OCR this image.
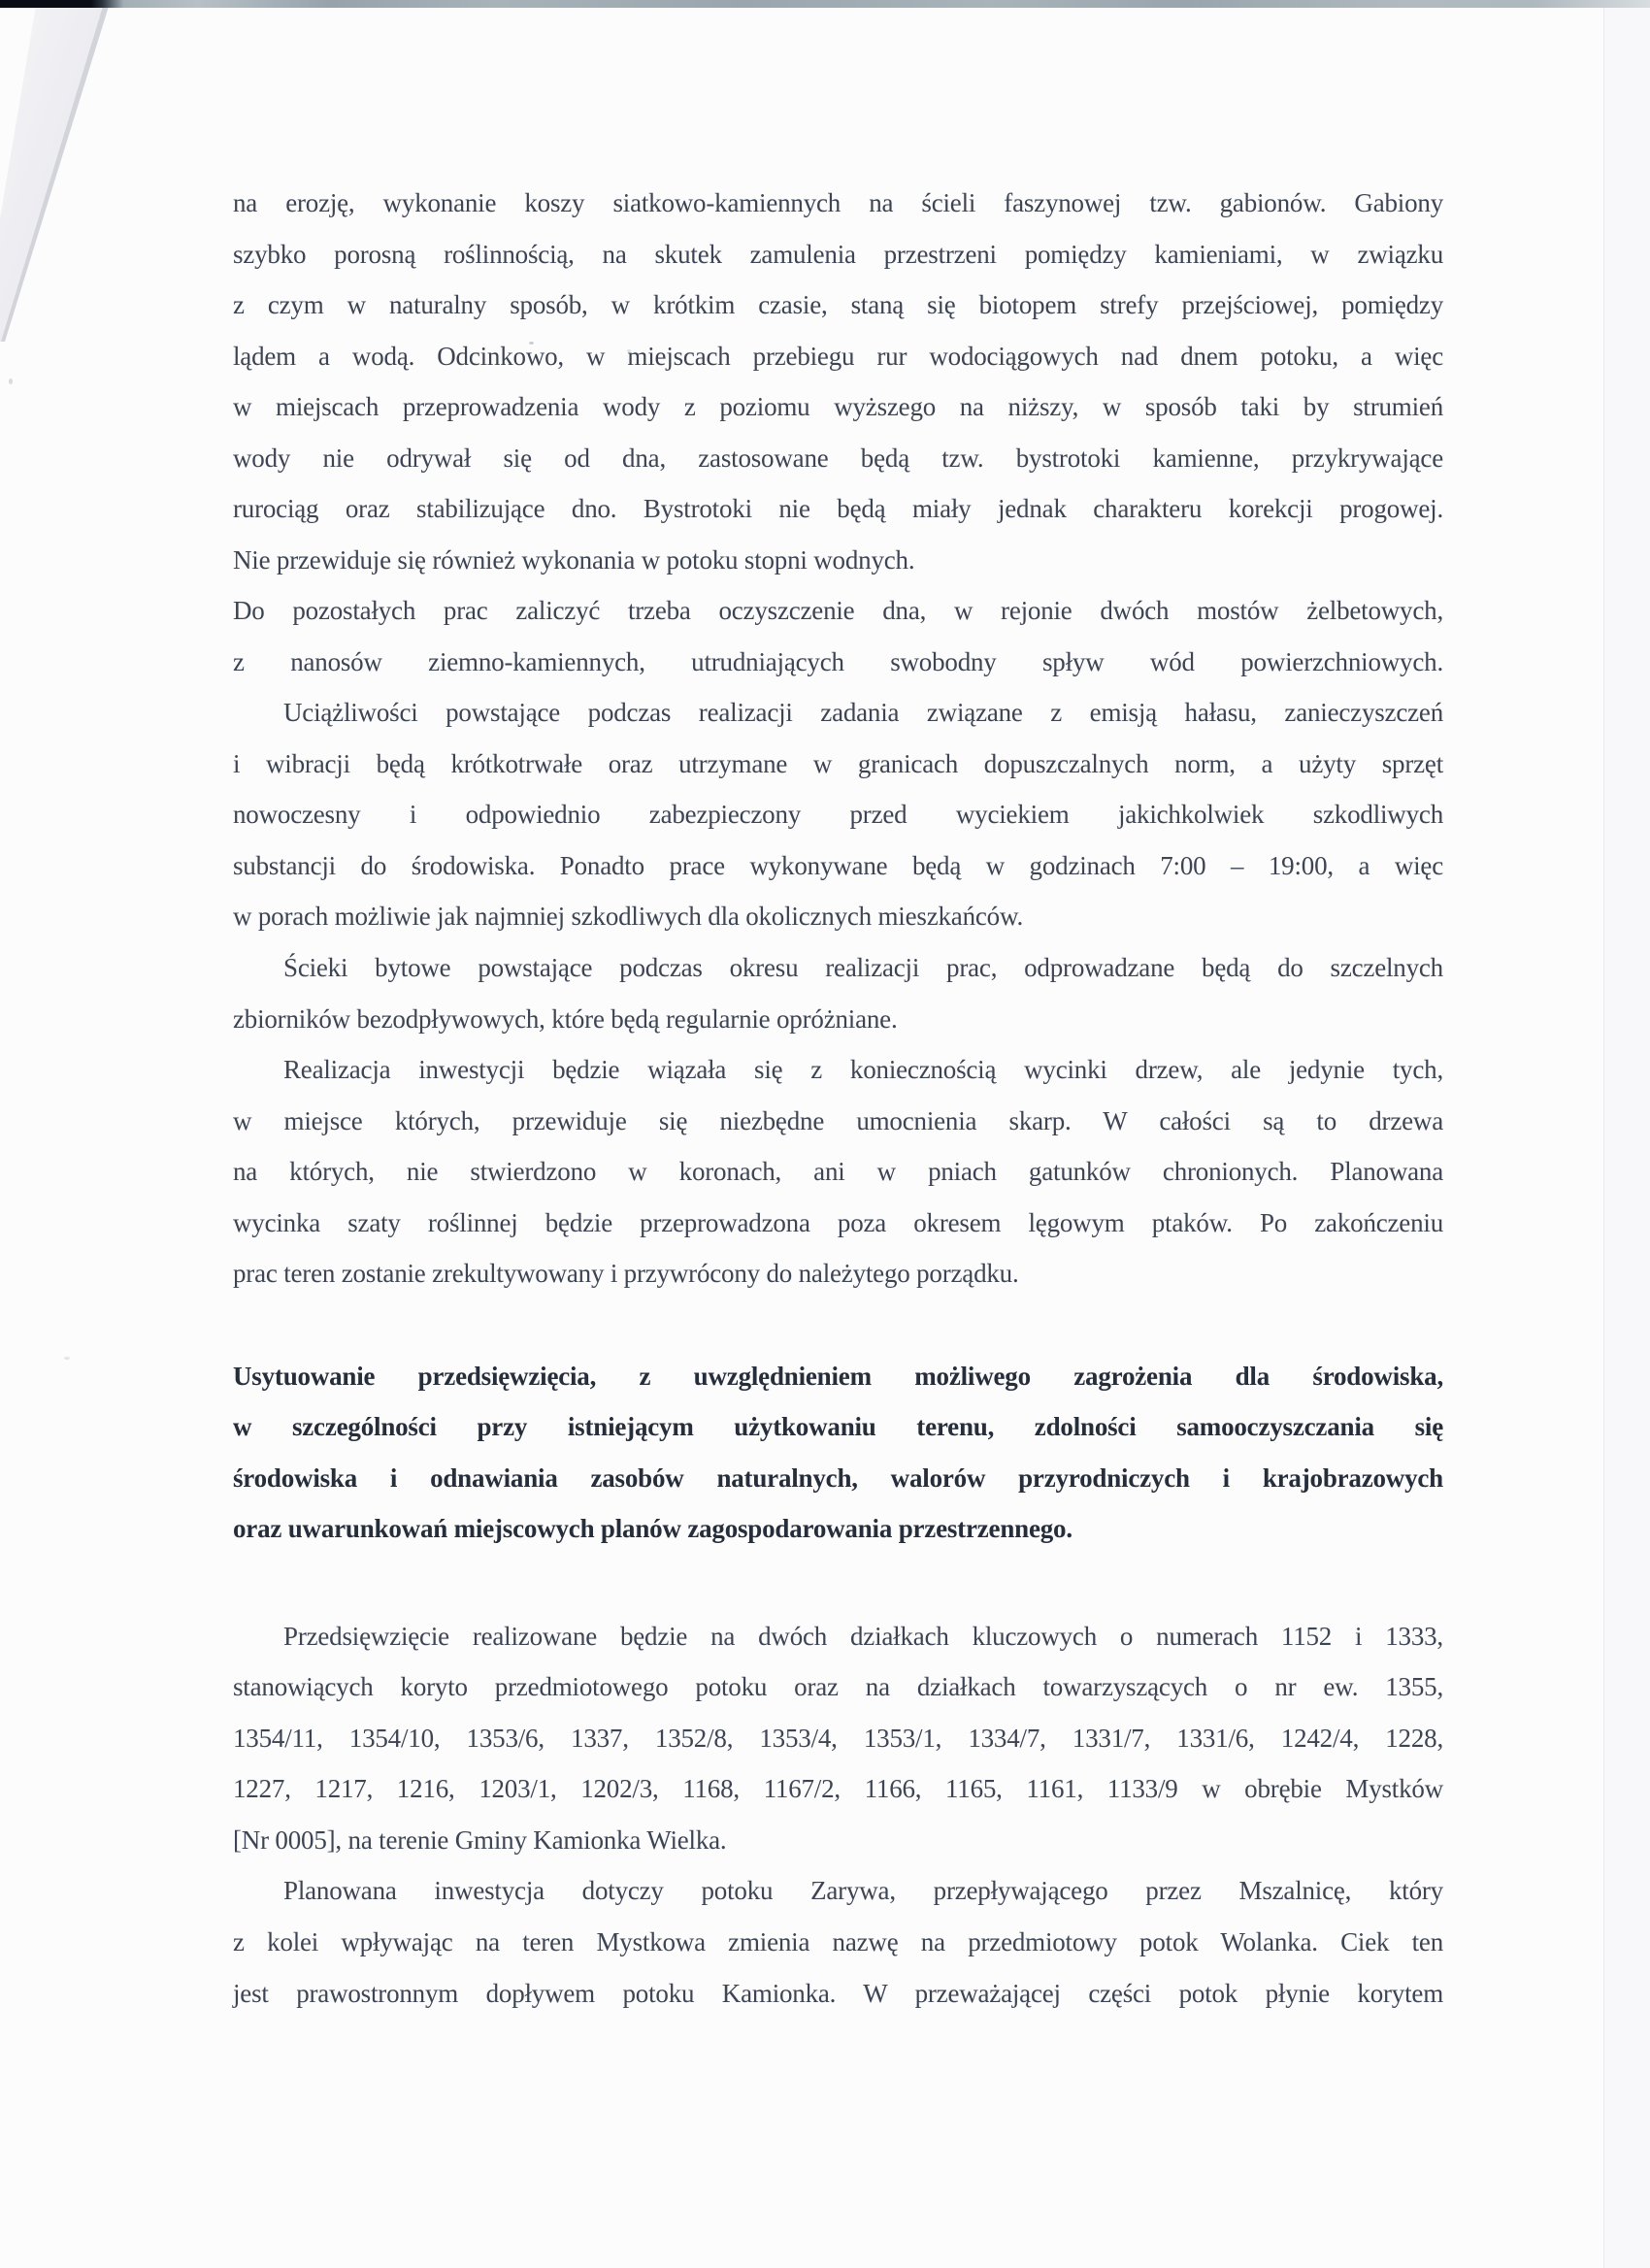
na erozję, wykonanie koszy siatkowo-kamiennych na ścieli faszynowej tzw. gabionów. Gabiony
szybko porosną roślinnością, na skutek zamulenia przestrzeni pomiędzy kamieniami, w związku
z czym w naturalny sposób, w krótkim czasie, staną się biotopem strefy przejściowej, pomiędzy
lądem a wodą. Odcinkowo, w miejscach przebiegu rur wodociągowych nad dnem potoku, a więc
w miejscach przeprowadzenia wody z poziomu wyższego na niższy, w sposób taki by strumień
wody nie odrywał się od dna, zastosowane będą tzw. bystrotoki kamienne, przykrywające
rurociąg oraz stabilizujące dno. Bystrotoki nie będą miały jednak charakteru korekcji progowej.
Nie przewiduje się również wykonania w potoku stopni wodnych.
Do pozostałych prac zaliczyć trzeba oczyszczenie dna, w rejonie dwóch mostów żelbetowych,
z nanosów ziemno-kamiennych, utrudniających swobodny spływ wód powierzchniowych.
Uciążliwości powstające podczas realizacji zadania związane z emisją hałasu, zanieczyszczeń
i wibracji będą krótkotrwałe oraz utrzymane w granicach dopuszczalnych norm, a użyty sprzęt
nowoczesny i odpowiednio zabezpieczony przed wyciekiem jakichkolwiek szkodliwych
substancji do środowiska. Ponadto prace wykonywane będą w godzinach 7:00 – 19:00, a więc
w porach możliwie jak najmniej szkodliwych dla okolicznych mieszkańców.
Ścieki bytowe powstające podczas okresu realizacji prac, odprowadzane będą do szczelnych
zbiorników bezodpływowych, które będą regularnie opróżniane.
Realizacja inwestycji będzie wiązała się z koniecznością wycinki drzew, ale jedynie tych,
w miejsce których, przewiduje się niezbędne umocnienia skarp. W całości są to drzewa
na których, nie stwierdzono w koronach, ani w pniach gatunków chronionych. Planowana
wycinka szaty roślinnej będzie przeprowadzona poza okresem lęgowym ptaków. Po zakończeniu
prac teren zostanie zrekultywowany i przywrócony do należytego porządku.
Usytuowanie przedsięwzięcia, z uwzględnieniem możliwego zagrożenia dla środowiska,
w szczególności przy istniejącym użytkowaniu terenu, zdolności samooczyszczania się
środowiska i odnawiania zasobów naturalnych, walorów przyrodniczych i krajobrazowych
oraz uwarunkowań miejscowych planów zagospodarowania przestrzennego.
Przedsięwzięcie realizowane będzie na dwóch działkach kluczowych o numerach 1152 i 1333,
stanowiących koryto przedmiotowego potoku oraz na działkach towarzyszących o nr ew. 1355,
1354/11, 1354/10, 1353/6, 1337, 1352/8, 1353/4, 1353/1, 1334/7, 1331/7, 1331/6, 1242/4, 1228,
1227, 1217, 1216, 1203/1, 1202/3, 1168, 1167/2, 1166, 1165, 1161, 1133/9 w obrębie Mystków
[Nr 0005], na terenie Gminy Kamionka Wielka.
Planowana inwestycja dotyczy potoku Zarywa, przepływającego przez Mszalnicę, który
z kolei wpływając na teren Mystkowa zmienia nazwę na przedmiotowy potok Wolanka. Ciek ten
jest prawostronnym dopływem potoku Kamionka. W przeważającej części potok płynie korytem
